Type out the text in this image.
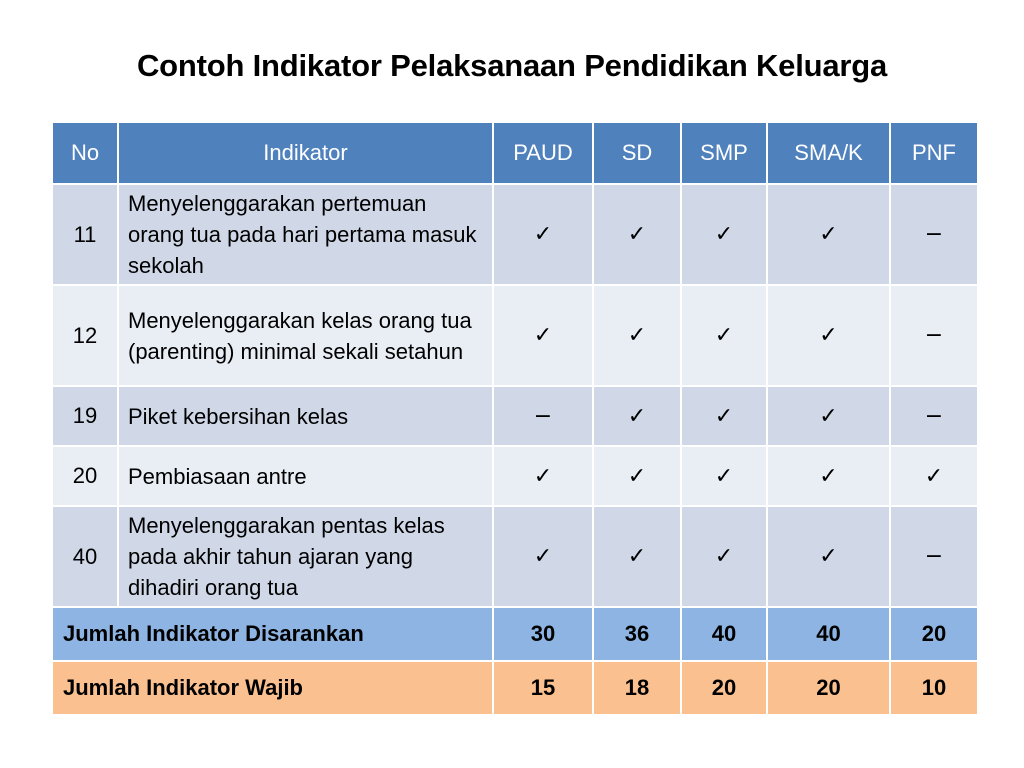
Contoh Indikator Pelaksanaan Pendidikan Keluarga
No	Indikator	PAUD	SD	SMP	SMA/K	PNF
11	Menyelenggarakan pertemuan orang tua pada hari pertama masuk sekolah	✓	✓	✓	✓	−
12	Menyelenggarakan kelas orang tua (parenting) minimal sekali setahun	✓	✓	✓	✓	−
19	Piket kebersihan kelas	−	✓	✓	✓	−
20	Pembiasaan antre	✓	✓	✓	✓	✓
40	Menyelenggarakan pentas kelas pada akhir tahun ajaran yang dihadiri orang tua	✓	✓	✓	✓	−
Jumlah Indikator Disarankan		30	36	40	40	20
Jumlah Indikator Wajib		15	18	20	20	10
